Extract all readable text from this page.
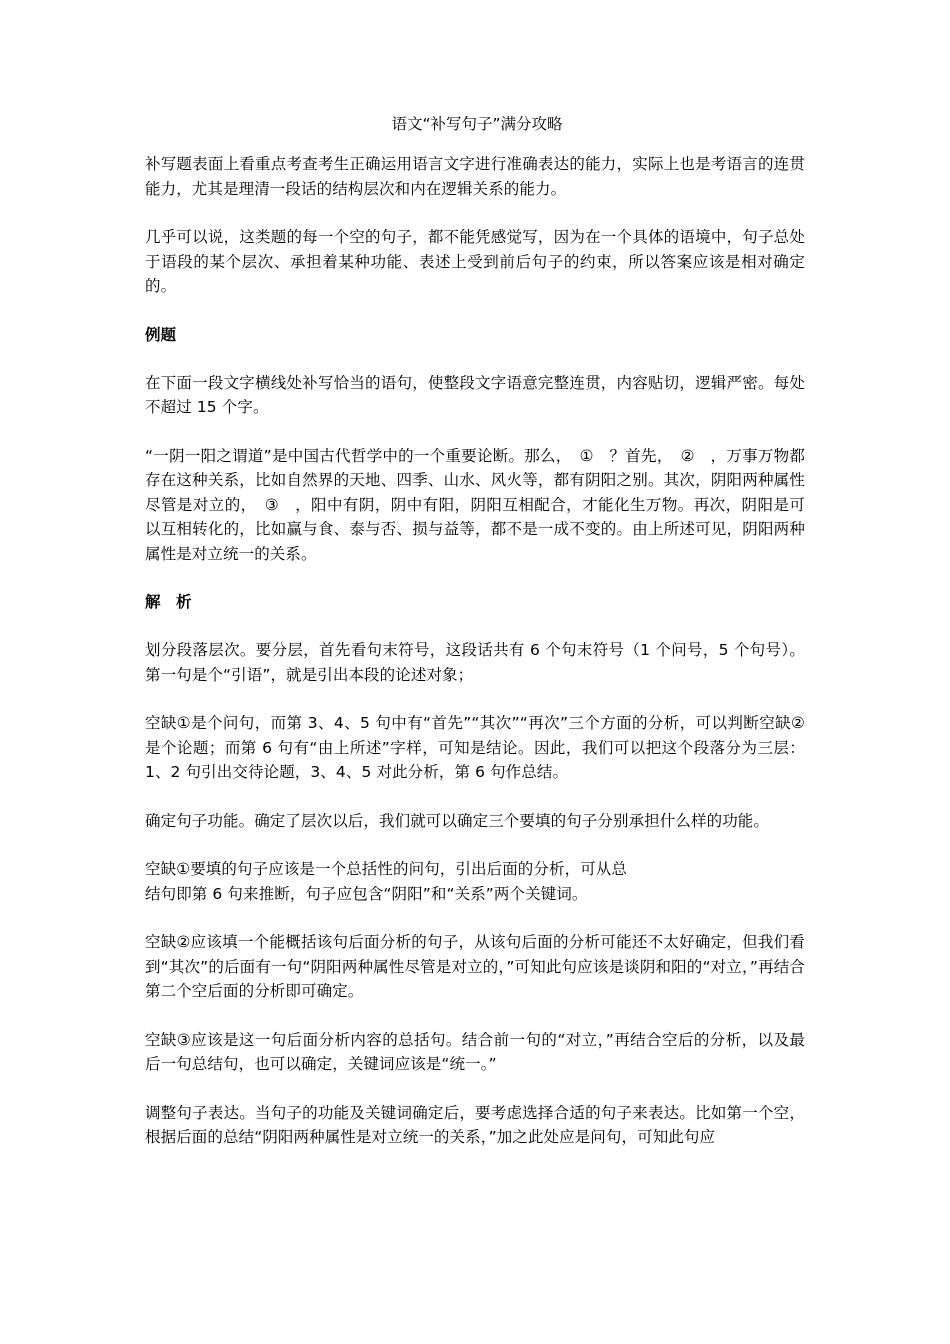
语文“补写句子”满分攻略

补写题表面上看重点考查考生正确运用语言文字进行准确表达的能力，实际上也是考语言的连贯能力，尤其是理清一段话的结构层次和内在逻辑关系的能力。

几乎可以说，这类题的每一个空的句子，都不能凭感觉写，因为在一个具体的语境中，句子总处于语段的某个层次、承担着某种功能、表述上受到前后句子的约束，所以答案应该是相对确定的。

例题

在下面一段文字横线处补写恰当的语句，使整段文字语意完整连贯，内容贴切，逻辑严密。每处不超过 15 个字。

“一阴一阳之谓道”是中国古代哲学中的一个重要论断。那么，　①　？首先，　②　，万事万物都存在这种关系，比如自然界的天地、四季、山水、风火等，都有阴阳之别。其次，阴阳两种属性尽管是对立的，　③　，阳中有阴，阴中有阳，阴阳互相配合，才能化生万物。再次，阴阳是可以互相转化的，比如赢与食、泰与否、损与益等，都不是一成不变的。由上所述可见，阴阳两种属性是对立统一的关系。

解　析

划分段落层次。要分层，首先看句末符号，这段话共有 6 个句末符号（1 个问号，5 个句号）。第一句是个“引语”，就是引出本段的论述对象；

空缺①是个问句，而第 3、4、5 句中有“首先”“其次”“再次”三个方面的分析，可以判断空缺②是个论题；而第 6 句有“由上所述”字样，可知是结论。因此，我们可以把这个段落分为三层：1、2 句引出交待论题，3、4、5 对此分析，第 6 句作总结。

确定句子功能。确定了层次以后，我们就可以确定三个要填的句子分别承担什么样的功能。

空缺①要填的句子应该是一个总括性的问句，引出后面的分析，可从总

结句即第 6 句来推断，句子应包含“阴阳”和“关系”两个关键词。

空缺②应该填一个能概括该句后面分析的句子，从该句后面的分析可能还不太好确定，但我们看到“其次”的后面有一句“阴阳两种属性尽管是对立的，”可知此句应该是谈阴和阳的“对立，”再结合第二个空后面的分析即可确定。

空缺③应该是这一句后面分析内容的总括句。结合前一句的“对立，”再结合空后的分析，以及最后一句总结句，也可以确定，关键词应该是“统一。”

调整句子表达。当句子的功能及关键词确定后，要考虑选择合适的句子来表达。比如第一个空，根据后面的总结“阴阳两种属性是对立统一的关系，”加之此处应是问句，可知此句应
